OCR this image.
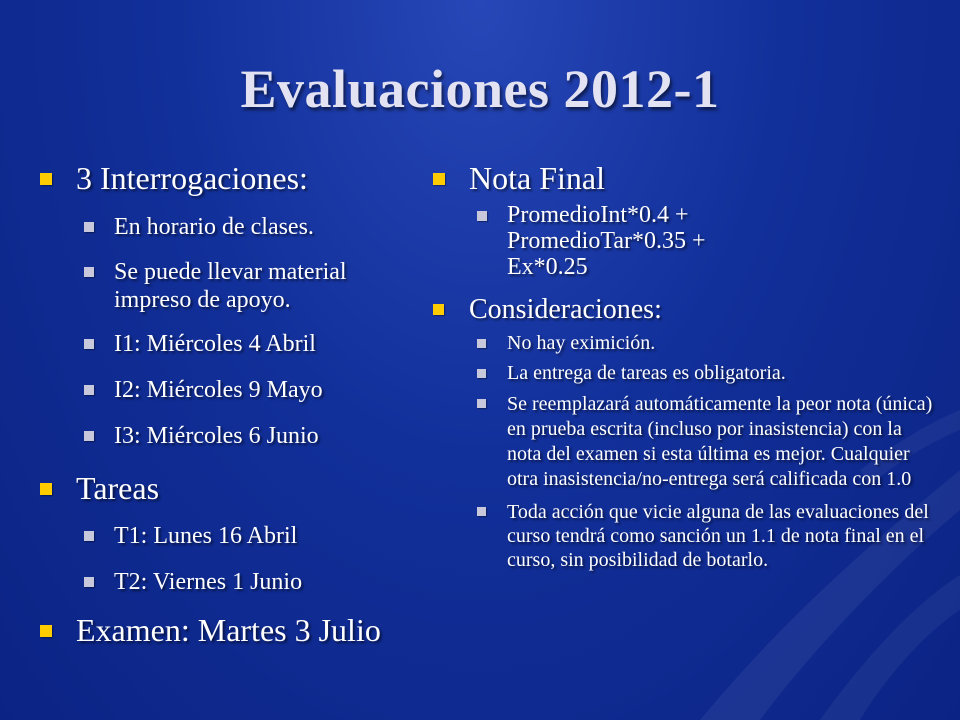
Evaluaciones 2012-1
3 Interrogaciones:
En horario de clases.
Se puede llevar material impreso de apoyo.
I1: Miércoles 4 Abril
I2: Miércoles 9 Mayo
I3: Miércoles 6 Junio
Tareas
T1: Lunes 16 Abril
T2: Viernes 1 Junio
Examen: Martes 3 Julio
Nota Final
PromedioInt*0.4 + PromedioTar*0.35 + Ex*0.25
Consideraciones:
No hay eximición.
La entrega de tareas es obligatoria.
Se reemplazará automáticamente la peor nota (única) en prueba escrita (incluso por inasistencia) con la nota del examen si esta última es mejor. Cualquier otra inasistencia/no-entrega será calificada con 1.0
Toda acción que vicie alguna de las evaluaciones del curso tendrá como sanción un 1.1 de nota final en el curso, sin posibilidad de botarlo.
